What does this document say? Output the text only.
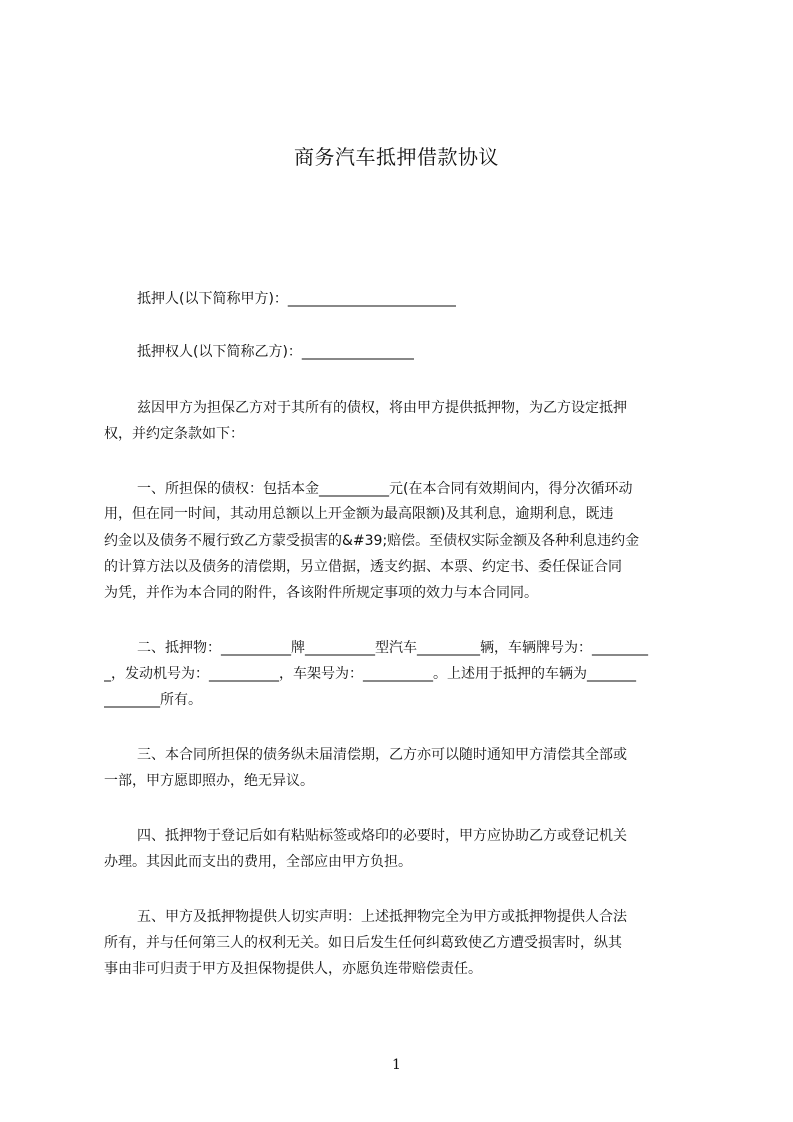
商务汽车抵押借款协议
抵押人(以下简称甲方)：________________________
抵押权人(以下简称乙方)：________________
兹因甲方为担保乙方对于其所有的债权，将由甲方提供抵押物，为乙方设定抵押
权，并约定条款如下：
一、所担保的债权：包括本金__________元(在本合同有效期间内，得分次循环动
用，但在同一时间，其动用总额以上开金额为最高限额)及其利息，逾期利息，既违
约金以及债务不履行致乙方蒙受损害的&#39;赔偿。至债权实际金额及各种利息违约金
的计算方法以及债务的清偿期，另立借据，透支约据、本票、约定书、委任保证合同
为凭，并作为本合同的附件，各该附件所规定事项的效力与本合同同。
二、抵押物：__________牌__________型汽车_________辆，车辆牌号为：________
_，发动机号为：__________，车架号为：__________。上述用于抵押的车辆为_______
________所有。
三、本合同所担保的债务纵未届清偿期，乙方亦可以随时通知甲方清偿其全部或
一部，甲方愿即照办，绝无异议。
四、抵押物于登记后如有粘贴标签或烙印的必要时，甲方应协助乙方或登记机关
办理。其因此而支出的费用，全部应由甲方负担。
五、甲方及抵押物提供人切实声明：上述抵押物完全为甲方或抵押物提供人合法
所有，并与任何第三人的权利无关。如日后发生任何纠葛致使乙方遭受损害时，纵其
事由非可归责于甲方及担保物提供人，亦愿负连带赔偿责任。
1
